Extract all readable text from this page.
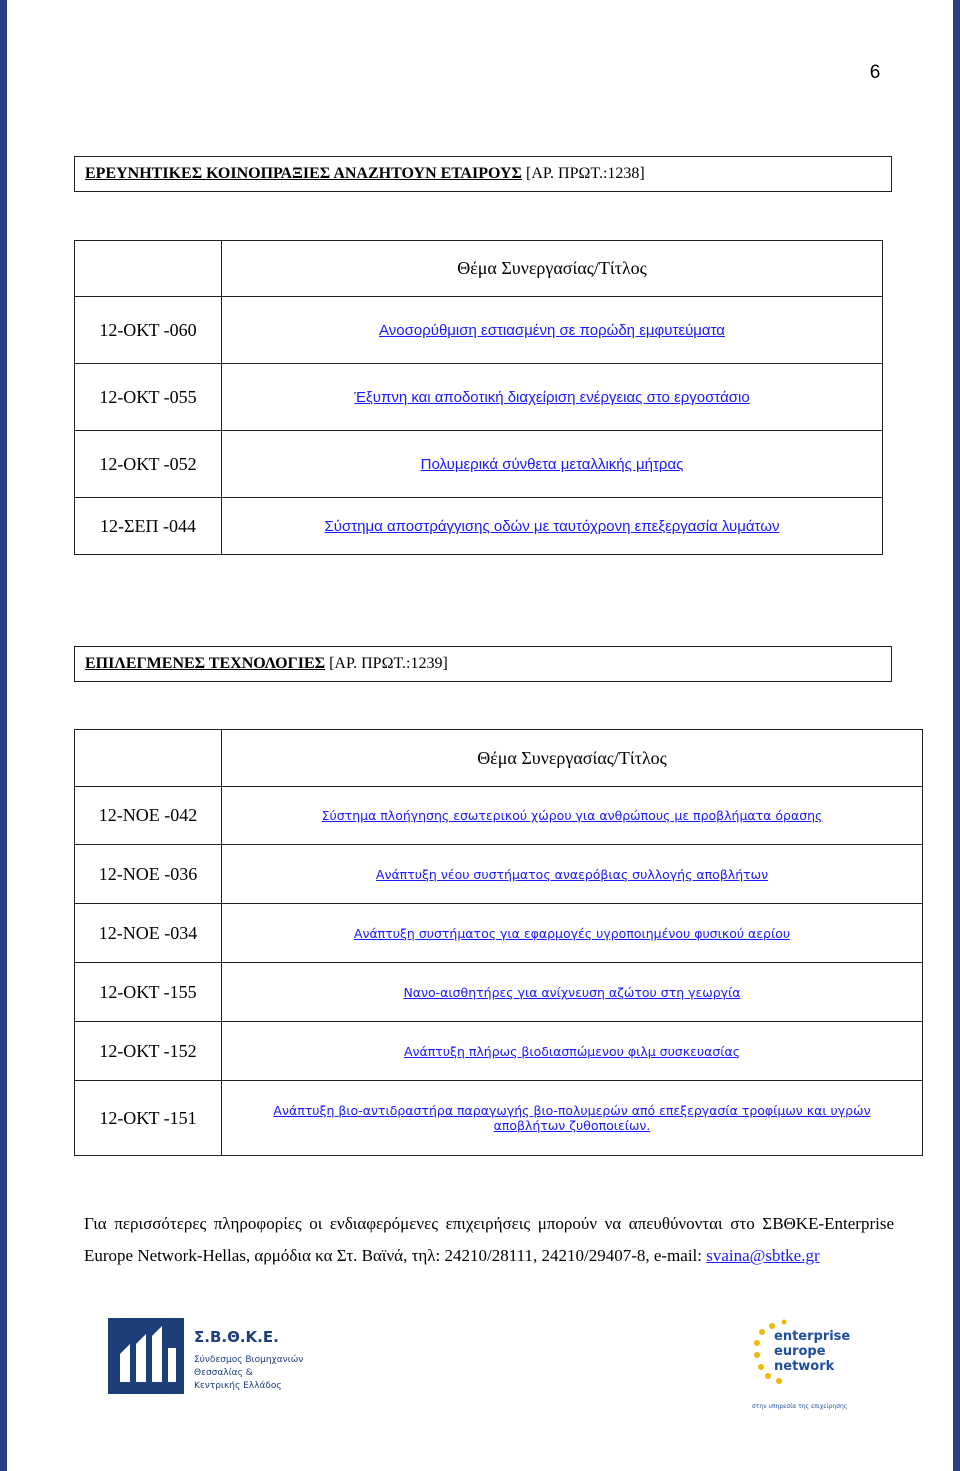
6
ΕΡΕΥΝΗΤΙΚΕΣ ΚΟΙΝΟΠΡΑΞΙΕΣ ΑΝΑΖΗΤΟΥΝ ΕΤΑΙΡΟΥΣ [ΑΡ. ΠΡΩΤ.:1238]
	Θέμα Συνεργασίας/Τίτλος
12-ΟΚΤ -060	Ανοσορύθμιση εστιασμένη σε πορώδη εμφυτεύματα
12-ΟΚΤ -055	Έξυπνη και αποδοτική διαχείριση ενέργειας στο εργοστάσιο
12-ΟΚΤ -052	Πολυμερικά σύνθετα μεταλλικής μήτρας
12-ΣΕΠ -044	Σύστημα αποστράγγισης οδών με ταυτόχρονη επεξεργασία λυμάτων
ΕΠΙΛΕΓΜΕΝΕΣ ΤΕΧΝΟΛΟΓΙΕΣ [ΑΡ. ΠΡΩΤ.:1239]
	Θέμα Συνεργασίας/Τίτλος
12-ΝΟΕ -042	Σύστημα πλοήγησης εσωτερικού χώρου για ανθρώπους με προβλήματα όρασης
12-ΝΟΕ -036	Ανάπτυξη νέου συστήματος αναερόβιας συλλογής αποβλήτων
12-ΝΟΕ -034	Ανάπτυξη συστήματος για εφαρμογές υγροποιημένου φυσικού αερίου
12-ΟΚΤ -155	Νανο-αισθητήρες για ανίχνευση αζώτου στη γεωργία
12-ΟΚΤ -152	Ανάπτυξη πλήρως βιοδιασπώμενου φιλμ συσκευασίας
12-ΟΚΤ -151	Ανάπτυξη βιο-αντιδραστήρα παραγωγής βιο-πολυμερών από επεξεργασία τροφίμων και υγρών αποβλήτων ζυθοποιείων.
Για περισσότερες πληροφορίες οι ενδιαφερόμενες επιχειρήσεις μπορούν να απευθύνονται στο ΣΒΘΚΕ-Enterprise Europe Network-Hellas, αρμόδια κα Στ. Βαϊνά, τηλ: 24210/28111, 24210/29407-8, e-mail: svaina@sbtke.gr
Σ.Β.Θ.Κ.Ε.
Σύνδεσμος Βιομηχανιών
Θεσσαλίας &
Κεντρικής Ελλάδος
enterprise
europe
network
στην υπηρεσία της επιχείρησης
